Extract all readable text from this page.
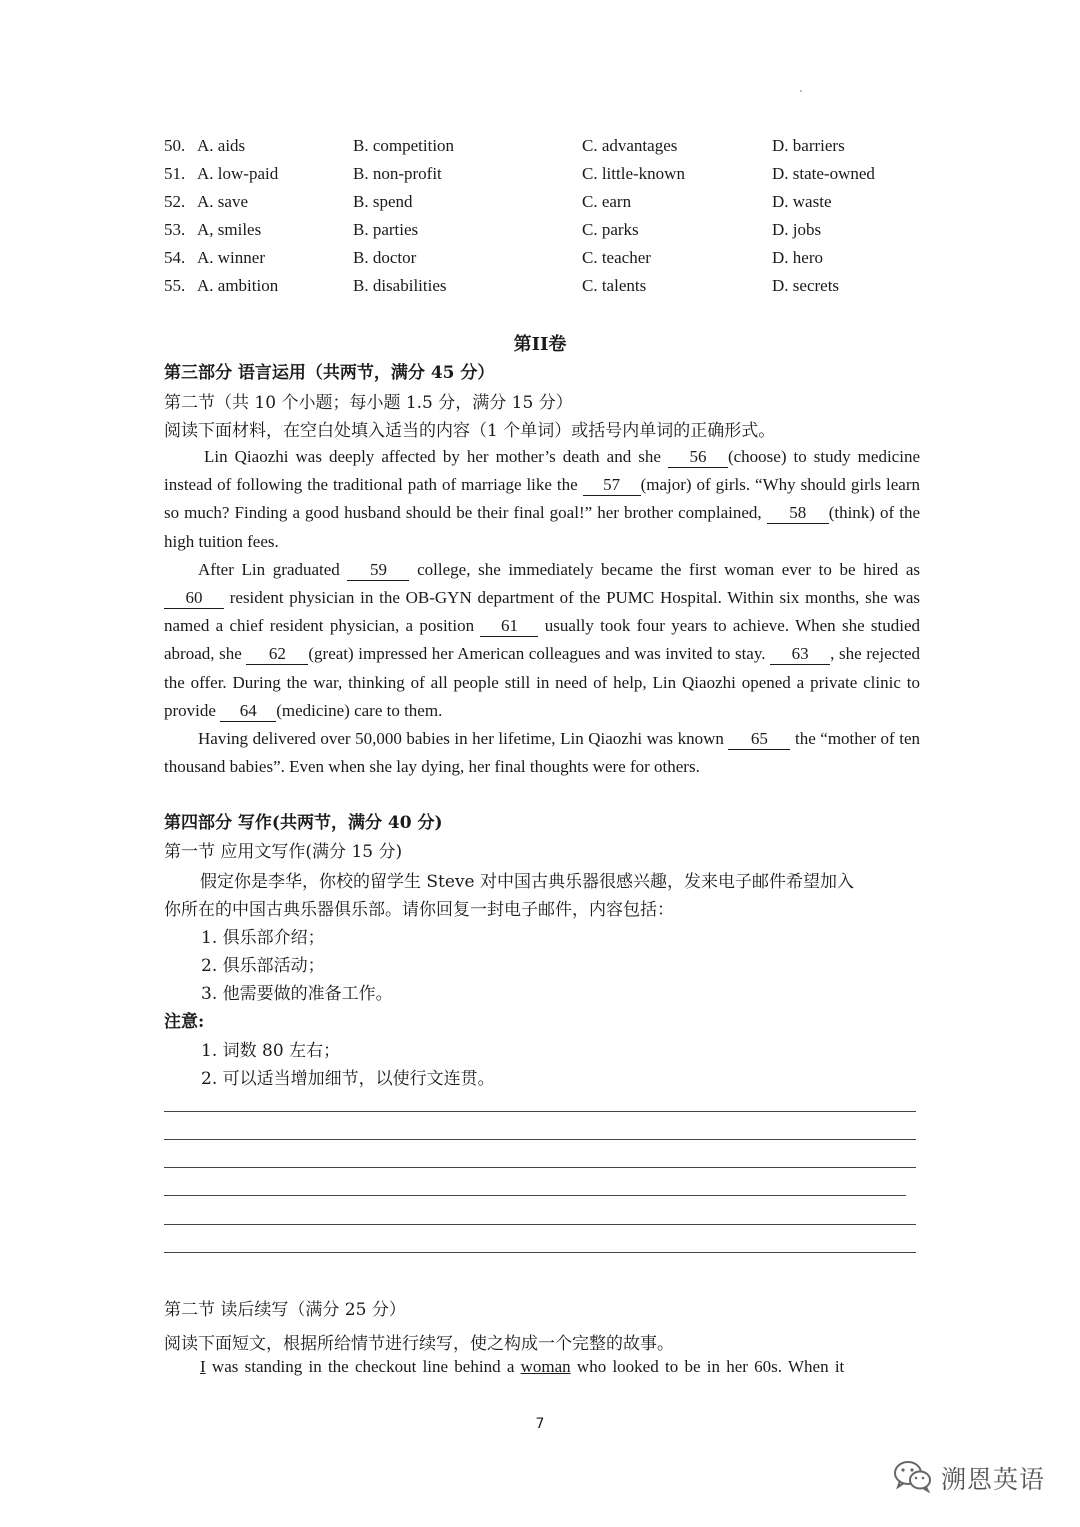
50. A. aids	B. competition	C. advantages	D. barriers
51. A. low-paid	B. non-profit	C. little-known	D. state-owned
52. A. save	B. spend	C. earn	D. waste
53. A, smiles	B. parties	C. parks	D. jobs
54. A. winner	B. doctor	C. teacher	D. hero
55. A. ambition	B. disabilities	C. talents	D. secrets
第II卷
第三部分 语言运用（共两节，满分 45 分）
第二节（共 10 个小题；每小题 1.5 分，满分 15 分）
阅读下面材料，在空白处填入适当的内容（1 个单词）或括号内单词的正确形式。

Lin Qiaozhi was deeply affected by her mother’s death and she 56 (choose) to study medicine instead of following the traditional path of marriage like the 57 (major) of girls. “Why should girls learn so much? Finding a good husband should be their final goal!” her brother complained, 58 (think) of the high tuition fees.

After Lin graduated 59 college, she immediately became the first woman ever to be hired as 60 resident physician in the OB-GYN department of the PUMC Hospital. Within six months, she was named a chief resident physician, a position 61 usually took four years to achieve. When she studied abroad, she 62 (great) impressed her American colleagues and was invited to stay. 63 , she rejected the offer. During the war, thinking of all people still in need of help, Lin Qiaozhi opened a private clinic to provide 64 (medicine) care to them.

Having delivered over 50,000 babies in her lifetime, Lin Qiaozhi was known 65 the “mother of ten thousand babies”. Even when she lay dying, her final thoughts were for others.

第四部分 写作(共两节，满分 40 分)
第一节 应用文写作(满分 15 分)
假定你是李华，你校的留学生 Steve 对中国古典乐器很感兴趣，发来电子邮件希望加入
你所在的中国古典乐器俱乐部。请你回复一封电子邮件，内容包括：
1. 俱乐部介绍；
2. 俱乐部活动；
3. 他需要做的准备工作。
注意:
1. 词数 80 左右；
2. 可以适当增加细节，以使行文连贯。
第二节 读后续写（满分 25 分）
阅读下面短文，根据所给情节进行续写，使之构成一个完整的故事。
I was standing in the checkout line behind a woman who looked to be in her 60s. When it
7
溯恩英语
